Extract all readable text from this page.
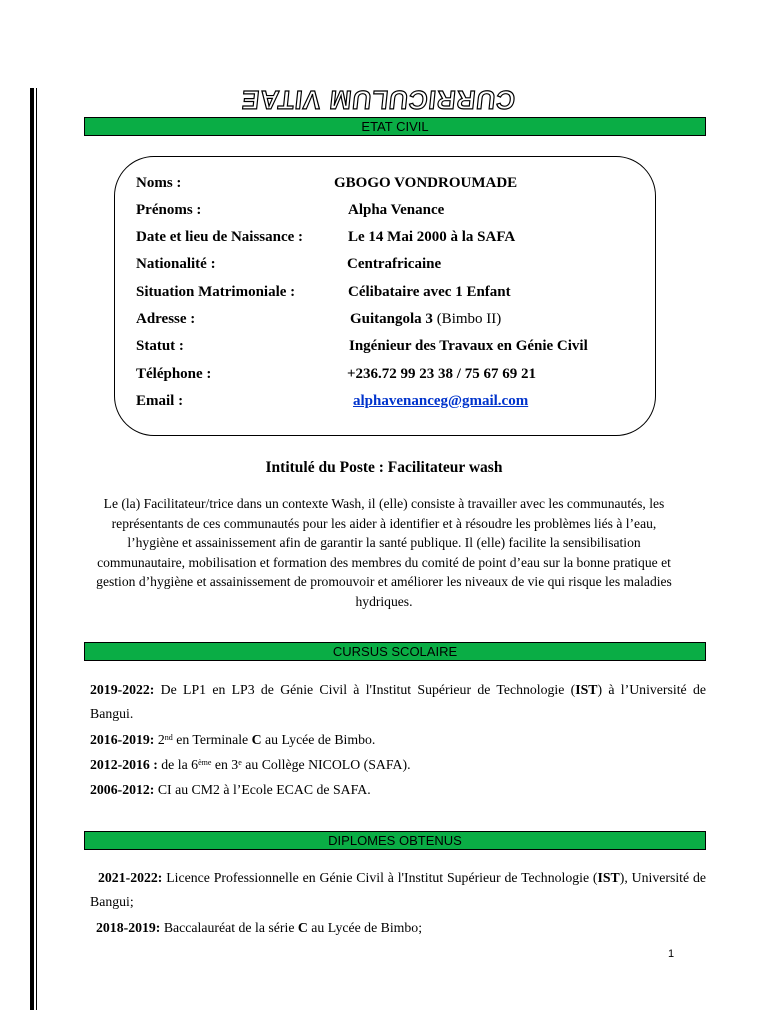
CURRICULUM VITAE
ETAT CIVIL
Noms :	GBOGO VONDROUMADE
Prénoms :	Alpha Venance
Date et lieu de Naissance :	Le 14 Mai 2000 à la SAFA
Nationalité :	Centrafricaine
Situation Matrimoniale :	Célibataire avec 1 Enfant
Adresse :	Guitangola 3 (Bimbo II)
Statut :	Ingénieur des Travaux en Génie Civil
Téléphone :	+236.72 99 23 38 / 75 67 69 21
Email :	alphavenanceg@gmail.com
Intitulé du Poste : Facilitateur wash
Le (la) Facilitateur/trice dans un contexte Wash, il (elle) consiste à travailler avec les communautés, les représentants de ces communautés pour les aider à identifier et à résoudre les problèmes liés à l’eau, l’hygiène et assainissement afin de garantir la santé publique. Il (elle) facilite la sensibilisation communautaire, mobilisation et formation des membres du comité de point d’eau sur la bonne pratique et gestion d’hygiène et assainissement de promouvoir et améliorer les niveaux de vie qui risque les maladies hydriques.
CURSUS SCOLAIRE
2019-2022: De LP1 en LP3 de Génie Civil à l'Institut Supérieur de Technologie (IST) à l’Université de Bangui.
2016-2019: 2nd en Terminale C au Lycée de Bimbo.
2012-2016 : de la 6ème en 3e au Collège NICOLO (SAFA).
2006-2012: CI au CM2 à l’Ecole ECAC de SAFA.
DIPLOMES OBTENUS
2021-2022: Licence Professionnelle en Génie Civil à l'Institut Supérieur de Technologie (IST), Université de Bangui;
2018-2019: Baccalauréat de la série C au Lycée de Bimbo;
1
